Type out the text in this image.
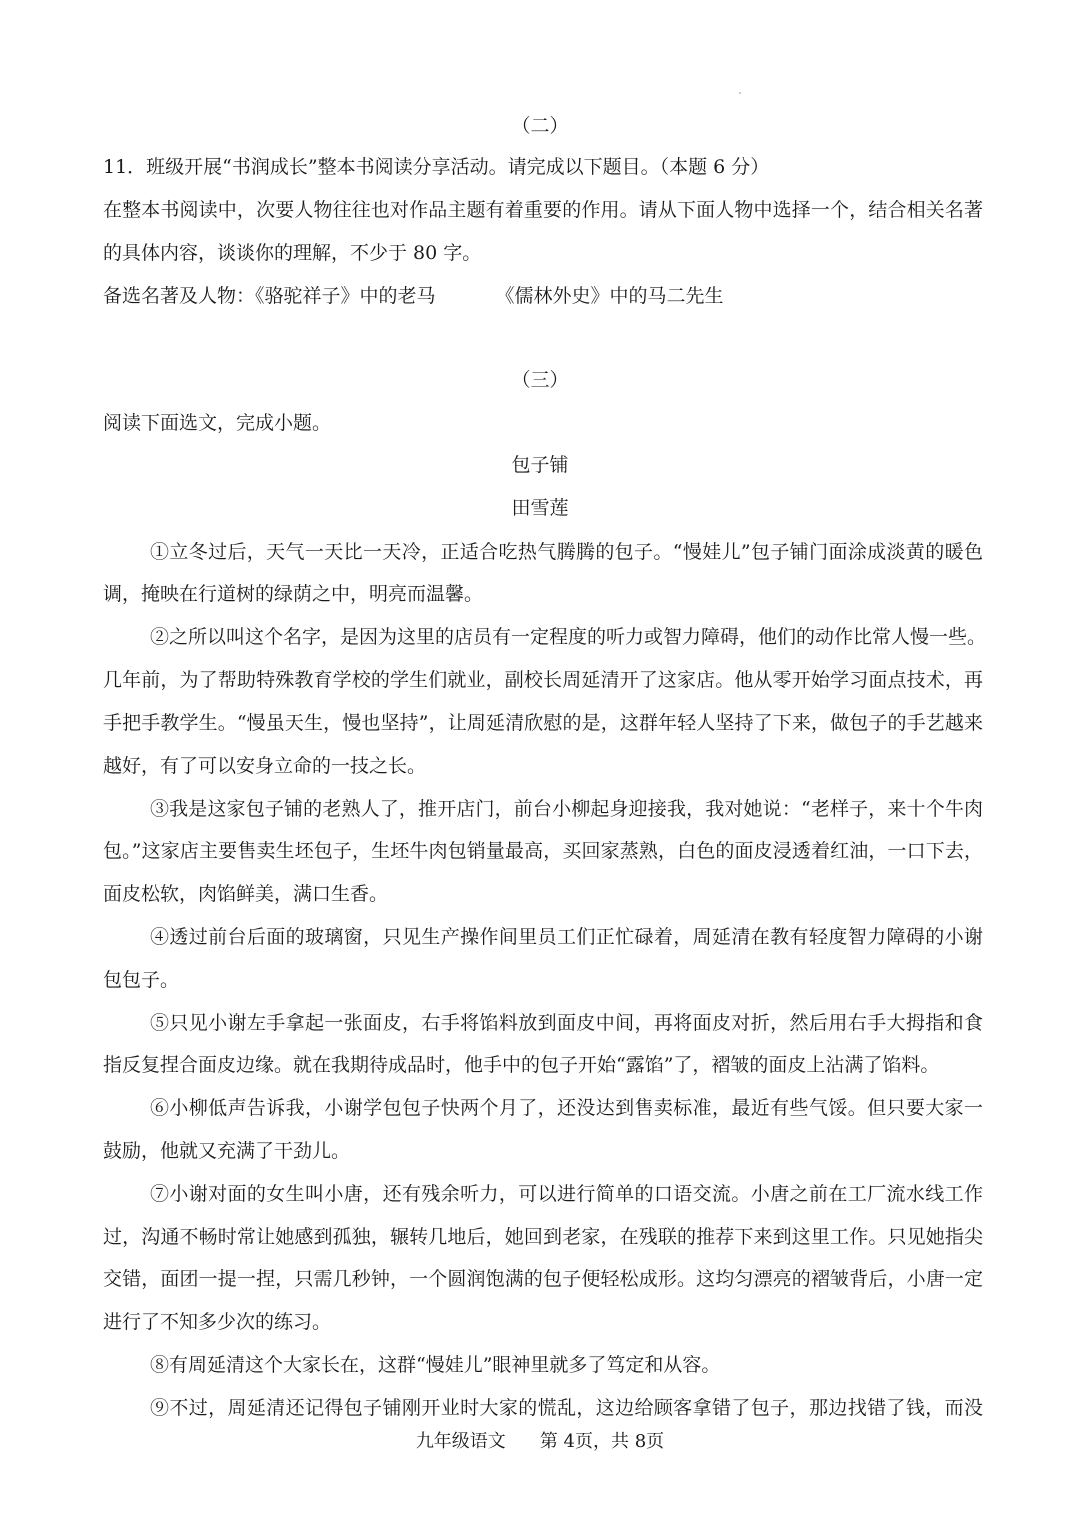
（二）
11．班级开展“书润成长”整本书阅读分享活动。请完成以下题目。（本题 6 分）
在整本书阅读中，次要人物往往也对作品主题有着重要的作用。请从下面人物中选择一个，结合相关名著
的具体内容，谈谈你的理解，不少于 80 字。
备选名著及人物：《骆驼祥子》中的老马	《儒林外史》中的马二先生
（三）
阅读下面选文，完成小题。
包子铺
田雪莲
①立冬过后，天气一天比一天冷，正适合吃热气腾腾的包子。“慢娃儿”包子铺门面涂成淡黄的暖色
调，掩映在行道树的绿荫之中，明亮而温馨。
②之所以叫这个名字，是因为这里的店员有一定程度的听力或智力障碍，他们的动作比常人慢一些。
几年前，为了帮助特殊教育学校的学生们就业，副校长周延清开了这家店。他从零开始学习面点技术，再
手把手教学生。“慢虽天生，慢也坚持”，让周延清欣慰的是，这群年轻人坚持了下来，做包子的手艺越来
越好，有了可以安身立命的一技之长。
③我是这家包子铺的老熟人了，推开店门，前台小柳起身迎接我，我对她说：“老样子，来十个牛肉
包。”这家店主要售卖生坯包子，生坯牛肉包销量最高，买回家蒸熟，白色的面皮浸透着红油，一口下去，
面皮松软，肉馅鲜美，满口生香。
④透过前台后面的玻璃窗，只见生产操作间里员工们正忙碌着，周延清在教有轻度智力障碍的小谢
包包子。
⑤只见小谢左手拿起一张面皮，右手将馅料放到面皮中间，再将面皮对折，然后用右手大拇指和食
指反复捏合面皮边缘。就在我期待成品时，他手中的包子开始“露馅”了，褶皱的面皮上沾满了馅料。
⑥小柳低声告诉我，小谢学包包子快两个月了，还没达到售卖标准，最近有些气馁。但只要大家一
鼓励，他就又充满了干劲儿。
⑦小谢对面的女生叫小唐，还有残余听力，可以进行简单的口语交流。小唐之前在工厂流水线工作
过，沟通不畅时常让她感到孤独，辗转几地后，她回到老家，在残联的推荐下来到这里工作。只见她指尖
交错，面团一提一捏，只需几秒钟，一个圆润饱满的包子便轻松成形。这均匀漂亮的褶皱背后，小唐一定
进行了不知多少次的练习。
⑧有周延清这个大家长在，这群“慢娃儿”眼神里就多了笃定和从容。
⑨不过，周延清还记得包子铺刚开业时大家的慌乱，这边给顾客拿错了包子，那边找错了钱，而没
九年级语文 第 4页，共 8页
